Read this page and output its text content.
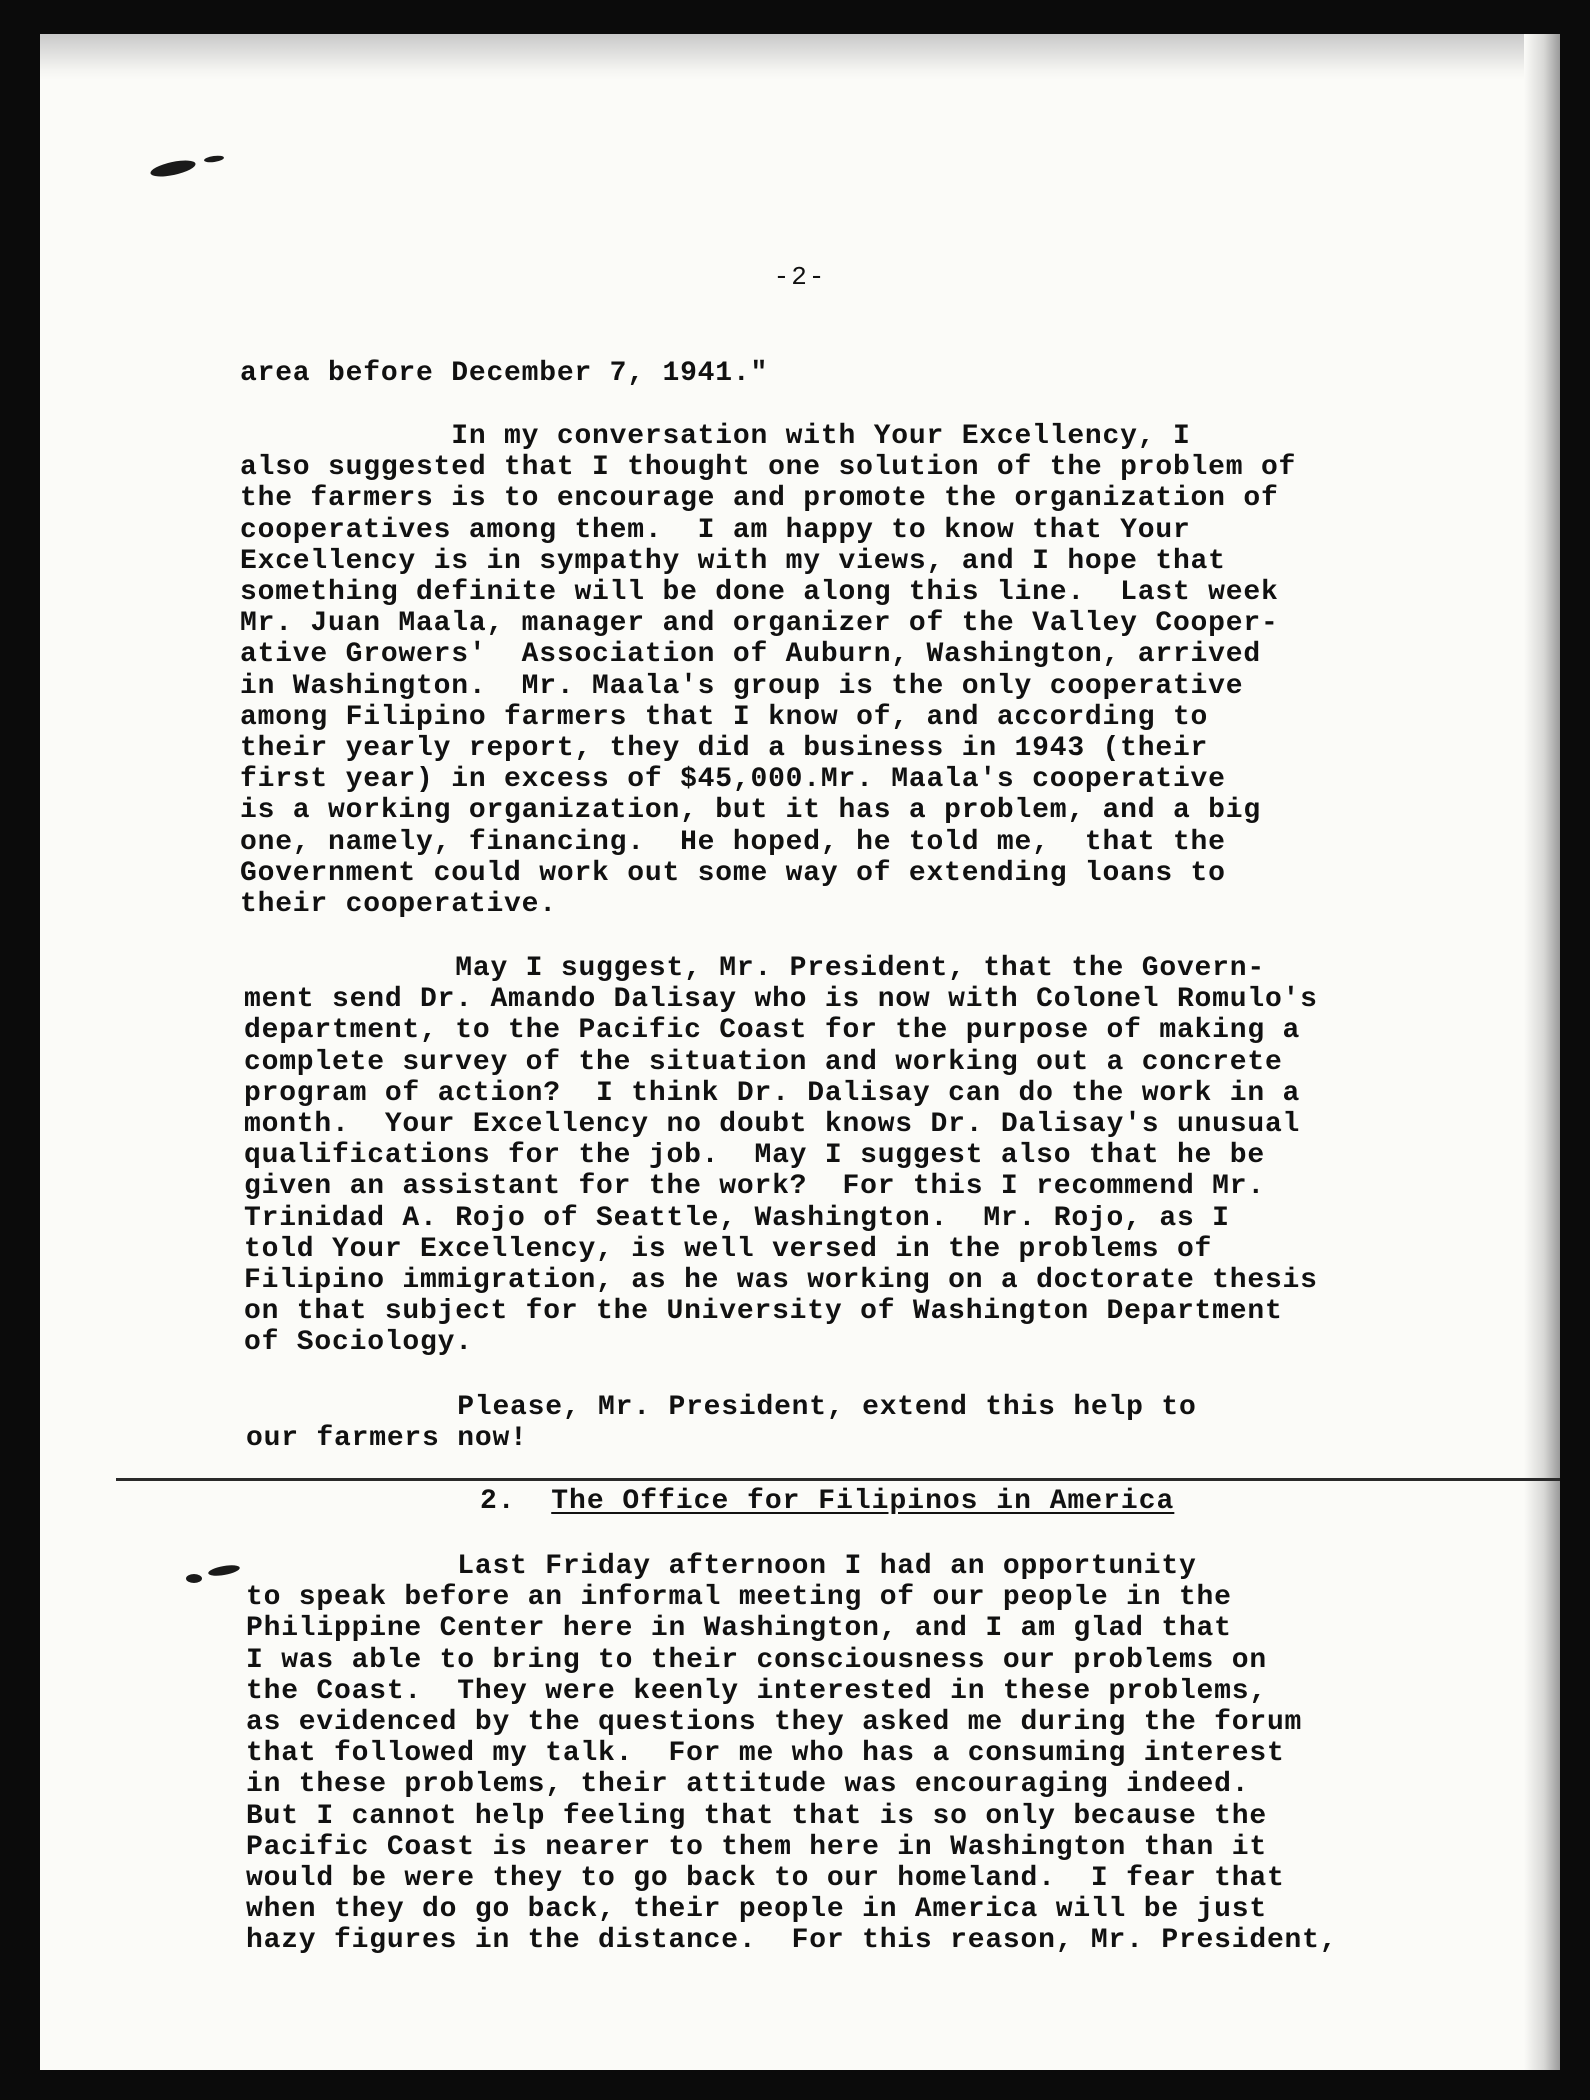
-2-
area before December 7, 1941."
In my conversation with Your Excellency, I
also suggested that I thought one solution of the problem of
the farmers is to encourage and promote the organization of
cooperatives among them.  I am happy to know that Your
Excellency is in sympathy with my views, and I hope that
something definite will be done along this line.  Last week
Mr. Juan Maala, manager and organizer of the Valley Cooper-
ative Growers'  Association of Auburn, Washington, arrived
in Washington.  Mr. Maala's group is the only cooperative
among Filipino farmers that I know of, and according to
their yearly report, they did a business in 1943 (their
first year) in excess of $45,000.Mr. Maala's cooperative
is a working organization, but it has a problem, and a big
one, namely, financing.  He hoped, he told me,  that the
Government could work out some way of extending loans to
their cooperative.
May I suggest, Mr. President, that the Govern-
ment send Dr. Amando Dalisay who is now with Colonel Romulo's
department, to the Pacific Coast for the purpose of making a
complete survey of the situation and working out a concrete
program of action?  I think Dr. Dalisay can do the work in a
month.  Your Excellency no doubt knows Dr. Dalisay's unusual
qualifications for the job.  May I suggest also that he be
given an assistant for the work?  For this I recommend Mr.
Trinidad A. Rojo of Seattle, Washington.  Mr. Rojo, as I
told Your Excellency, is well versed in the problems of
Filipino immigration, as he was working on a doctorate thesis
on that subject for the University of Washington Department
of Sociology.
Please, Mr. President, extend this help to
our farmers now!
Last Friday afternoon I had an opportunity
to speak before an informal meeting of our people in the
Philippine Center here in Washington, and I am glad that
I was able to bring to their consciousness our problems on
the Coast.  They were keenly interested in these problems,
as evidenced by the questions they asked me during the forum
that followed my talk.  For me who has a consuming interest
in these problems, their attitude was encouraging indeed.
But I cannot help feeling that that is so only because the
Pacific Coast is nearer to them here in Washington than it
would be were they to go back to our homeland.  I fear that
when they do go back, their people in America will be just
hazy figures in the distance.  For this reason, Mr. President,
2. The Office for Filipinos in America
